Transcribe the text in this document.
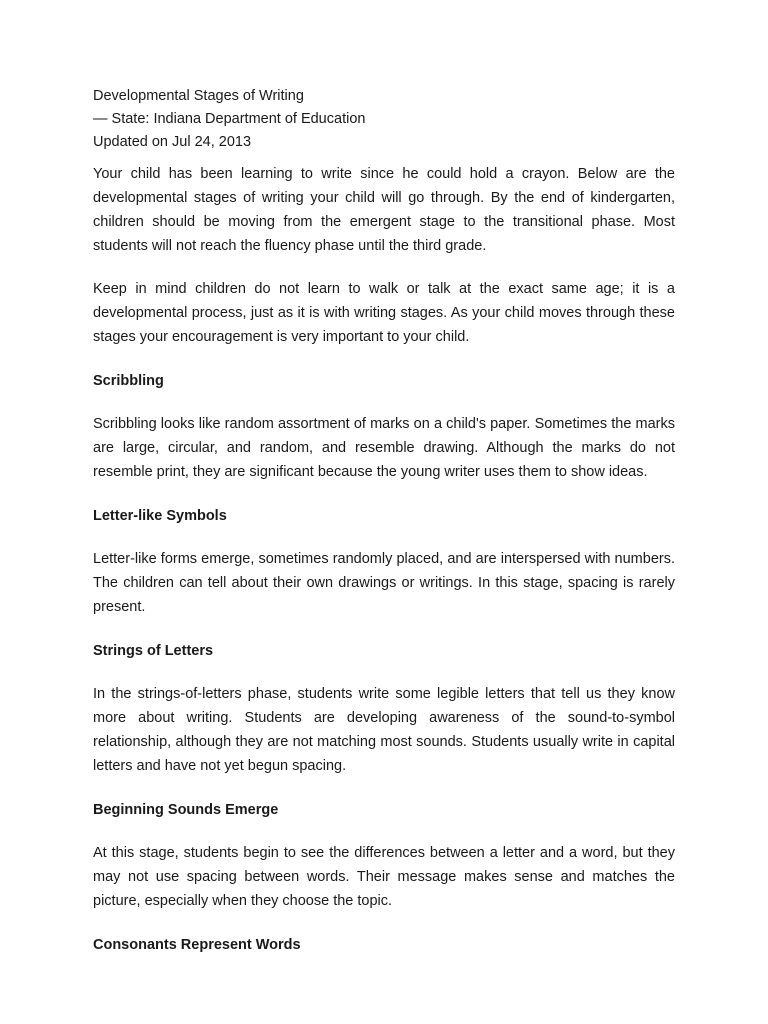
Developmental Stages of Writing

— State: Indiana Department of Education

Updated on Jul 24, 2013

Your child has been learning to write since he could hold a crayon. Below are the developmental stages of writing your child will go through. By the end of kindergarten, children should be moving from the emergent stage to the transitional phase. Most students will not reach the fluency phase until the third grade.

Keep in mind children do not learn to walk or talk at the exact same age; it is a developmental process, just as it is with writing stages. As your child moves through these stages your encouragement is very important to your child.

Scribbling

Scribbling looks like random assortment of marks on a child's paper. Sometimes the marks are large, circular, and random, and resemble drawing. Although the marks do not resemble print, they are significant because the young writer uses them to show ideas.

Letter-like Symbols

Letter-like forms emerge, sometimes randomly placed, and are interspersed with numbers. The children can tell about their own drawings or writings. In this stage, spacing is rarely present.

Strings of Letters

In the strings-of-letters phase, students write some legible letters that tell us they know more about writing. Students are developing awareness of the sound-to-symbol relationship, although they are not matching most sounds. Students usually write in capital letters and have not yet begun spacing.

Beginning Sounds Emerge

At this stage, students begin to see the differences between a letter and a word, but they may not use spacing between words. Their message makes sense and matches the picture, especially when they choose the topic.

Consonants Represent Words
